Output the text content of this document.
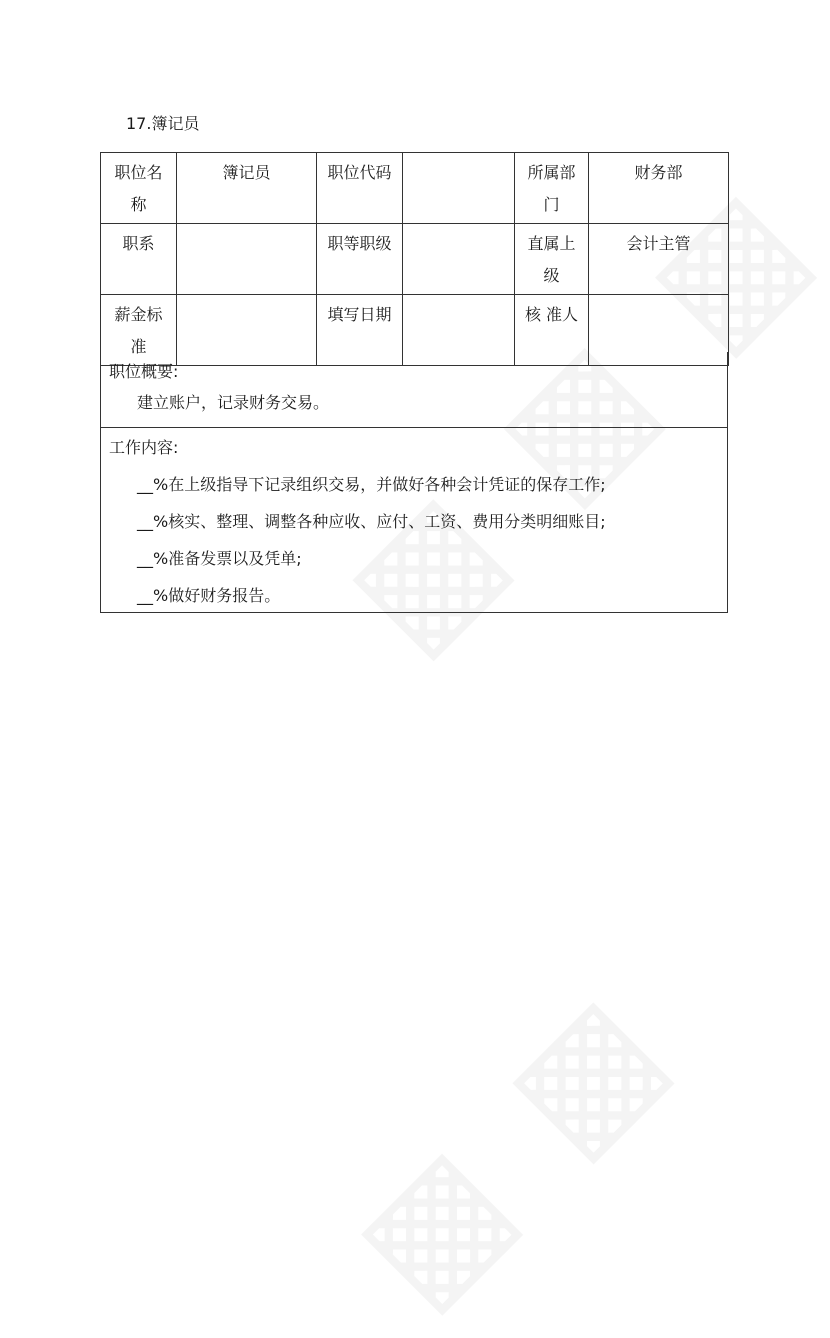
17.簿记员
职位名称	簿记员	职位代码		所属部门	财务部
职系		职等职级		直属上级	会计主管
薪金标准		填写日期		核 准人	
职位概要:
建立账户，记录财务交易。
工作内容:
__%在上级指导下记录组织交易，并做好各种会计凭证的保存工作;
__%核实、整理、调整各种应收、应付、工资、费用分类明细账目;
__%准备发票以及凭单;
__%做好财务报告。
